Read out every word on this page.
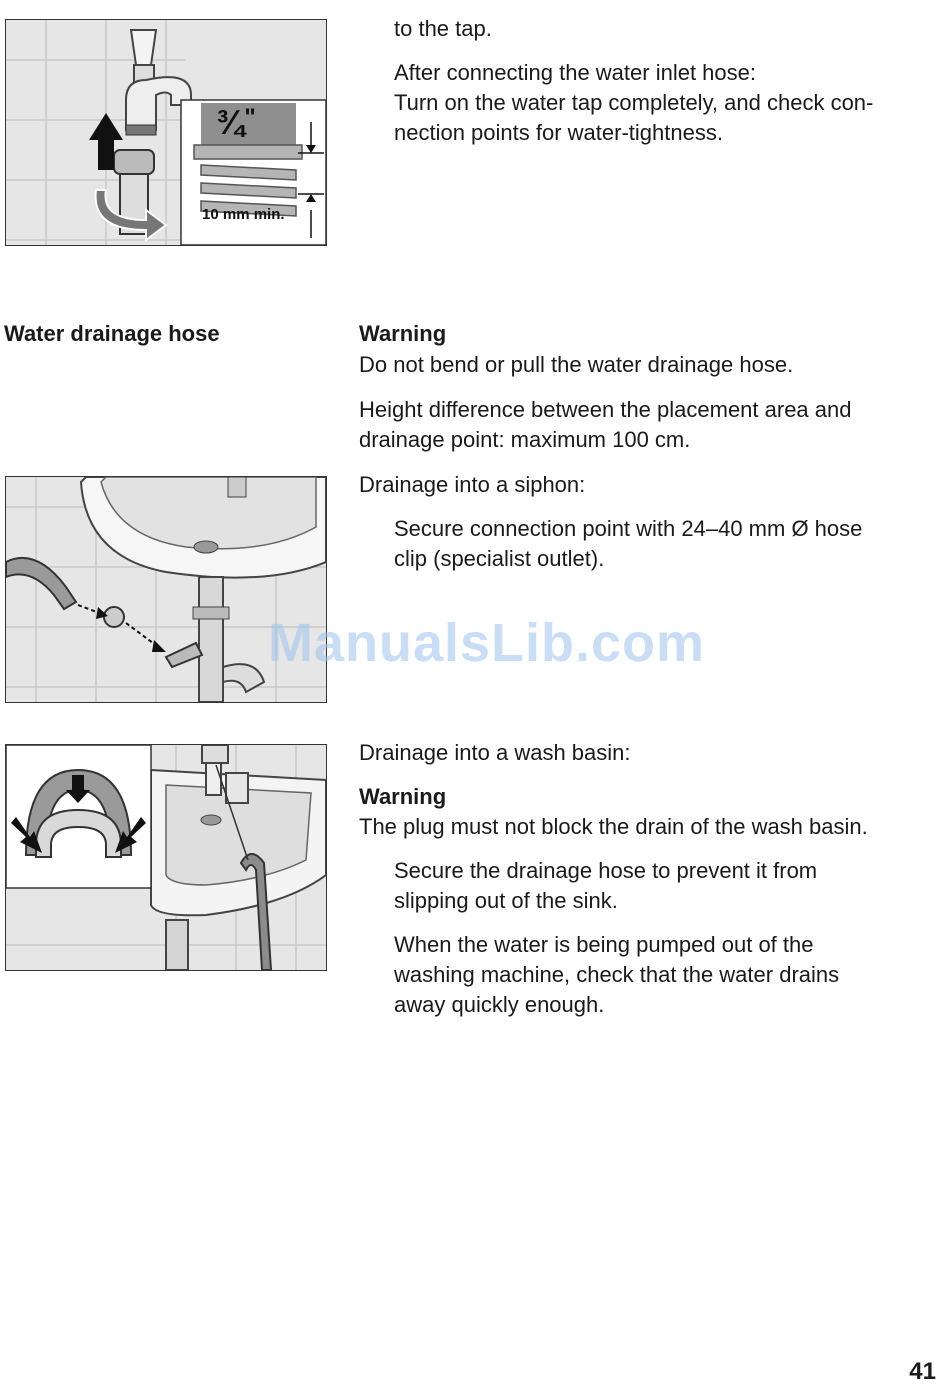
¾"
10 mm min.

to the tap.

After connecting the water inlet hose:

Turn on the water tap completely, and check con-

nection points for water-tightness.

Water drainage hose	Warning

Do not bend or pull the water drainage hose.

Height difference between the placement area and

drainage point: maximum 100 cm.

Drainage into a siphon:

Secure connection point with 24–40 mm Ø hose

clip (specialist outlet).

ManualsLib.com

Drainage into a wash basin:

Warning

The plug must not block the drain of the wash basin.

Secure the drainage hose to prevent it from

slipping out of the sink.

When the water is being pumped out of the

washing machine, check that the water drains

away quickly enough.

41
